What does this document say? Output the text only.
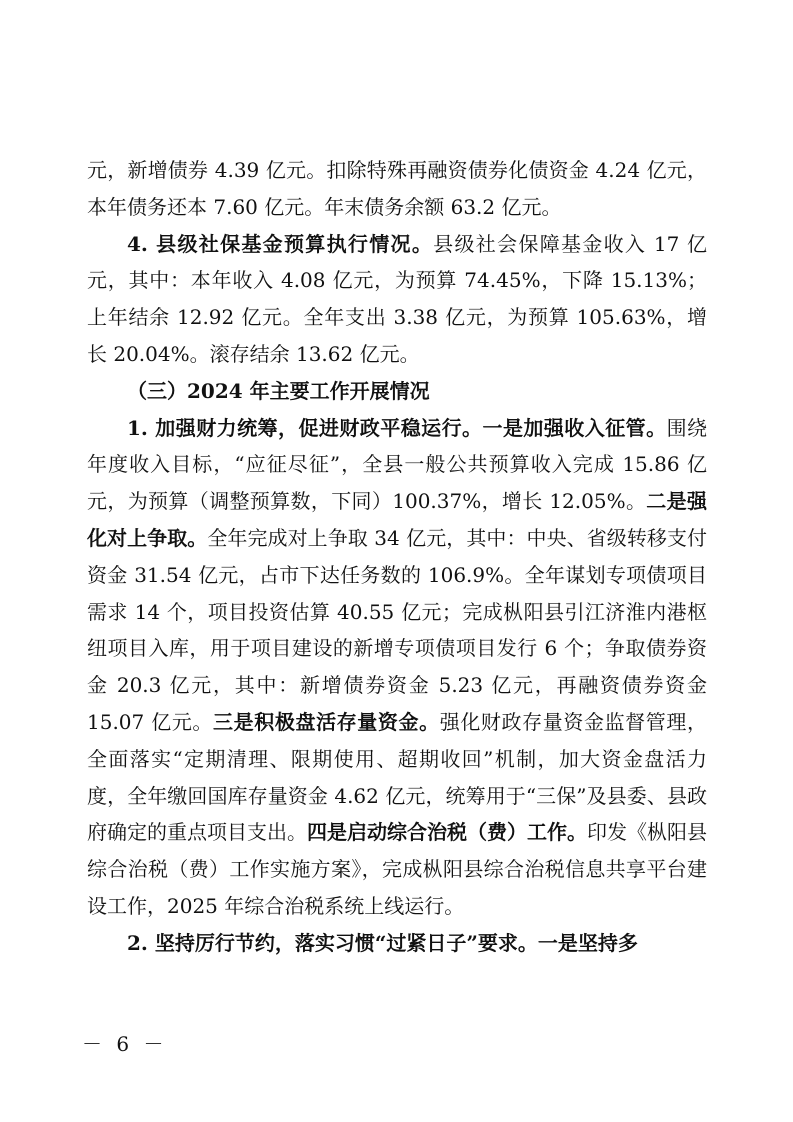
元，新增债券 4.39 亿元。扣除特殊再融资债券化债资金 4.24 亿元，本年债务还本 7.60 亿元。年末债务余额 63.2 亿元。

4. 县级社保基金预算执行情况。县级社会保障基金收入 17 亿元，其中：本年收入 4.08 亿元，为预算 74.45%，下降 15.13%；上年结余 12.92 亿元。全年支出 3.38 亿元，为预算 105.63%，增长 20.04%。滚存结余 13.62 亿元。

（三）2024 年主要工作开展情况

1. 加强财力统筹，促进财政平稳运行。一是加强收入征管。围绕年度收入目标，“应征尽征”，全县一般公共预算收入完成 15.86 亿元，为预算（调整预算数，下同）100.37%，增长 12.05%。二是强化对上争取。全年完成对上争取 34 亿元，其中：中央、省级转移支付资金 31.54 亿元，占市下达任务数的 106.9%。全年谋划专项债项目需求 14 个，项目投资估算 40.55 亿元；完成枞阳县引江济淮内港枢纽项目入库，用于项目建设的新增专项债项目发行 6 个；争取债券资金 20.3 亿元，其中：新增债券资金 5.23 亿元，再融资债券资金 15.07 亿元。三是积极盘活存量资金。强化财政存量资金监督管理，全面落实“定期清理、限期使用、超期收回”机制，加大资金盘活力度，全年缴回国库存量资金 4.62 亿元，统筹用于“三保”及县委、县政府确定的重点项目支出。四是启动综合治税（费）工作。印发《枞阳县综合治税（费）工作实施方案》，完成枞阳县综合治税信息共享平台建设工作，2025 年综合治税系统上线运行。

2. 坚持厉行节约，落实习惯“过紧日子”要求。一是坚持多

－ 6 －
